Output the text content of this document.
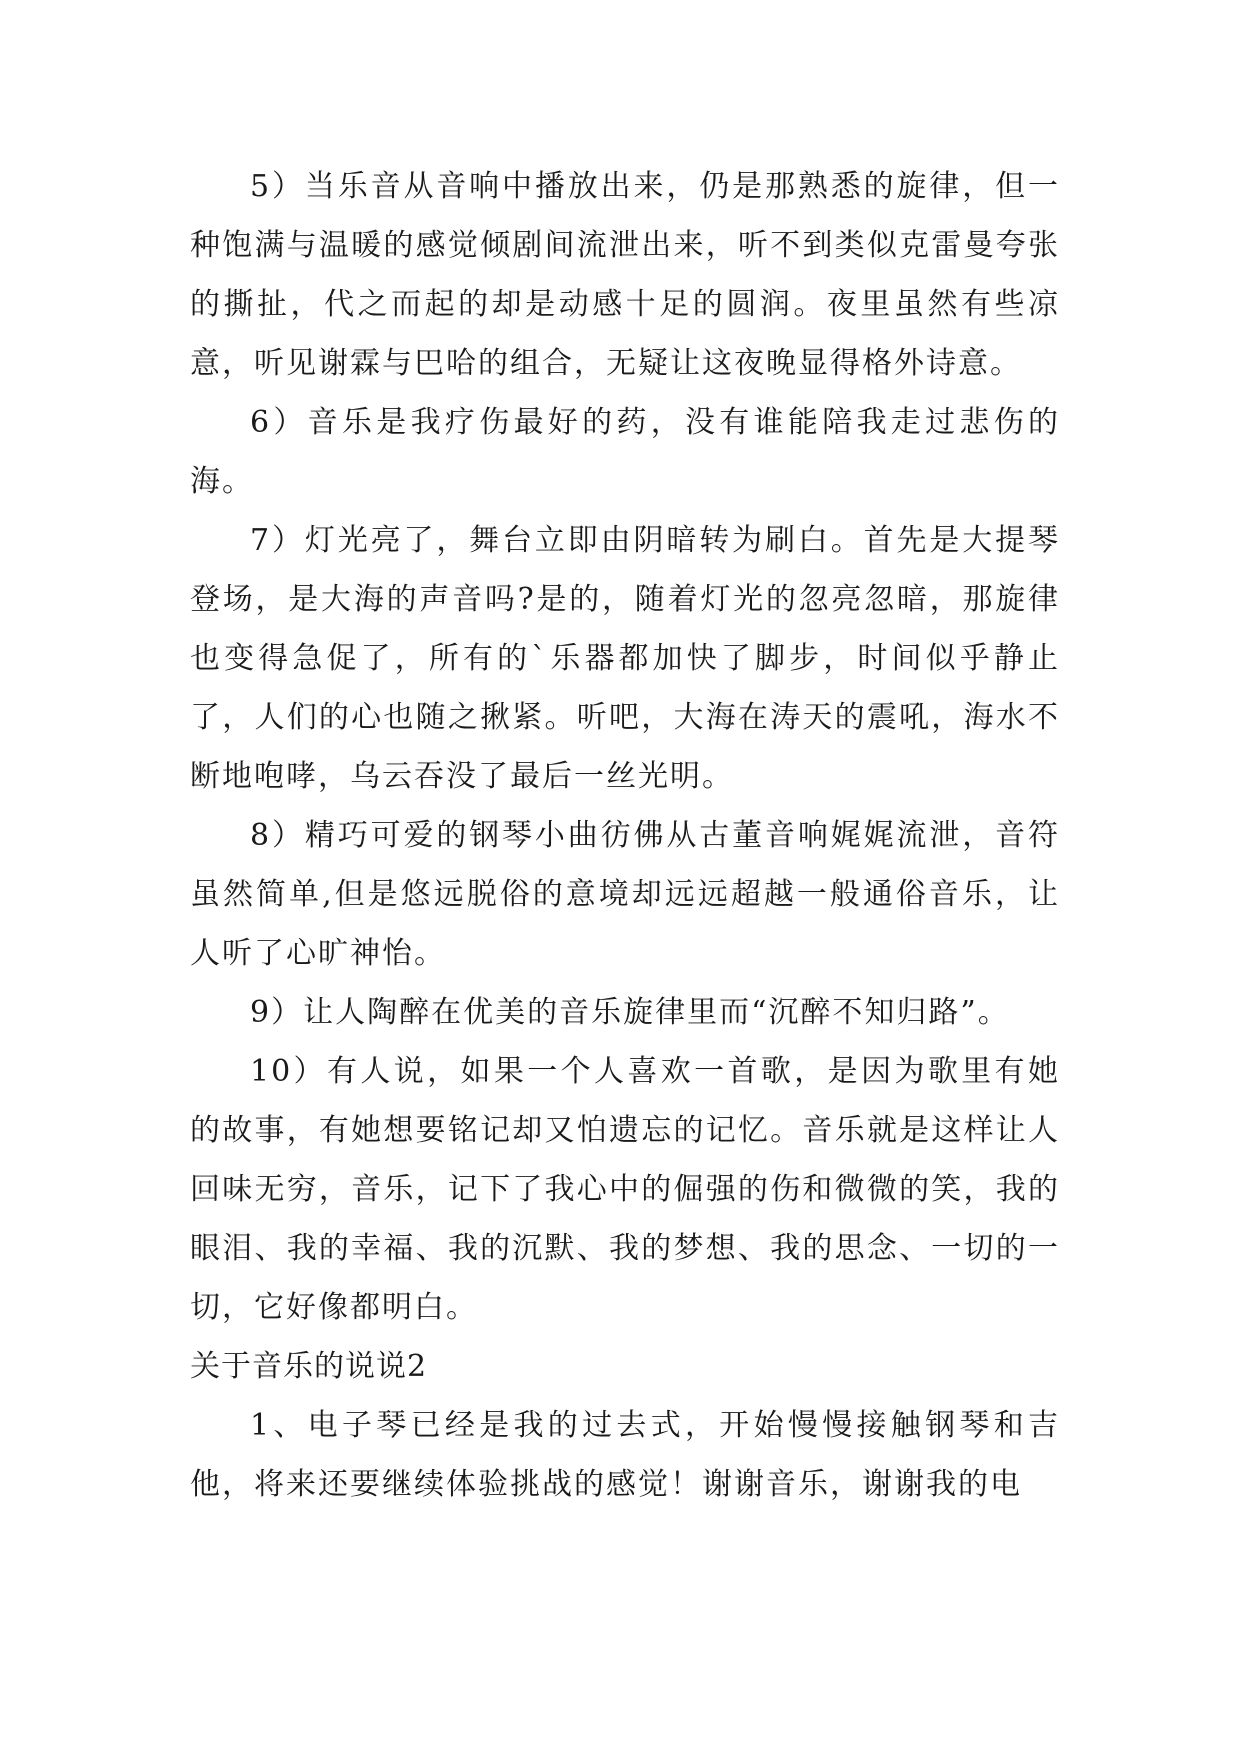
5）当乐音从音响中播放出来，仍是那熟悉的旋律，但一种饱满与温暖的感觉倾剧间流泄出来，听不到类似克雷曼夸张的撕扯，代之而起的却是动感十足的圆润。夜里虽然有些凉意，听见谢霖与巴哈的组合，无疑让这夜晚显得格外诗意。

6）音乐是我疗伤最好的药，没有谁能陪我走过悲伤的海。

7）灯光亮了，舞台立即由阴暗转为刷白。首先是大提琴登场，是大海的声音吗?是的，随着灯光的忽亮忽暗，那旋律也变得急促了，所有的`乐器都加快了脚步，时间似乎静止了，人们的心也随之揪紧。听吧，大海在涛天的震吼，海水不断地咆哮，乌云吞没了最后一丝光明。

8）精巧可爱的钢琴小曲彷佛从古董音响娓娓流泄，音符虽然简单,但是悠远脱俗的意境却远远超越一般通俗音乐，让人听了心旷神怡。

9）让人陶醉在优美的音乐旋律里而“沉醉不知归路”。

10）有人说，如果一个人喜欢一首歌，是因为歌里有她的故事，有她想要铭记却又怕遗忘的记忆。音乐就是这样让人回味无穷，音乐，记下了我心中的倔强的伤和微微的笑，我的眼泪、我的幸福、我的沉默、我的梦想、我的思念、一切的一切，它好像都明白。

关于音乐的说说2

1、电子琴已经是我的过去式，开始慢慢接触钢琴和吉他，将来还要继续体验挑战的感觉！谢谢音乐，谢谢我的电
